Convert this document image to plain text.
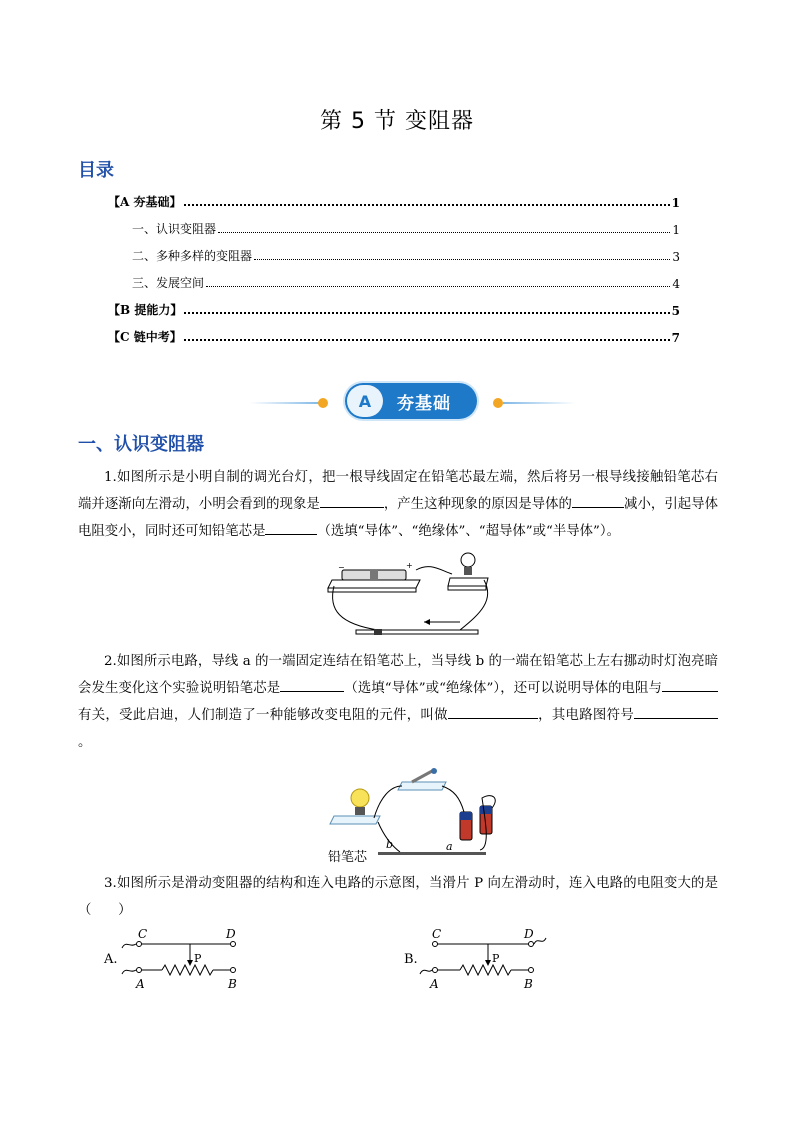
第 5 节 变阻器
目录
【A 夯基础】	1
一、认识变阻器	1
二、多种多样的变阻器	3
三、发展空间	4
【B 提能力】	5
【C 链中考】	7
A	夯基础
一、认识变阻器
1.如图所示是小明自制的调光台灯，把一根导线固定在铅笔芯最左端，然后将另一根导线接触铅笔芯右端并逐渐向左滑动，小明会看到的现象是	，产生这种现象的原因是导体的	减小，引起导体电阻变小，同时还可知铅笔芯是	（选填“导体”、“绝缘体”、“超导体”或“半导体”）。
−	+
2.如图所示电路，导线 a 的一端固定连结在铅笔芯上，当导线 b 的一端在铅笔芯上左右挪动时灯泡亮暗会发生变化这个实验说明铅笔芯是	（选填“导体”或“绝缘体”），还可以说明导体的电阻与有关，受此启迪，人们制造了一种能够改变电阻的元件，叫做	，其电路图符号。
b	a
铅笔芯
3.如图所示是滑动变阻器的结构和连入电路的示意图，当滑片 P 向左滑动时，连入电路的电阻变大的是（　　）
A.
C	D
P
A	B
B.
C	D
P
A	B
